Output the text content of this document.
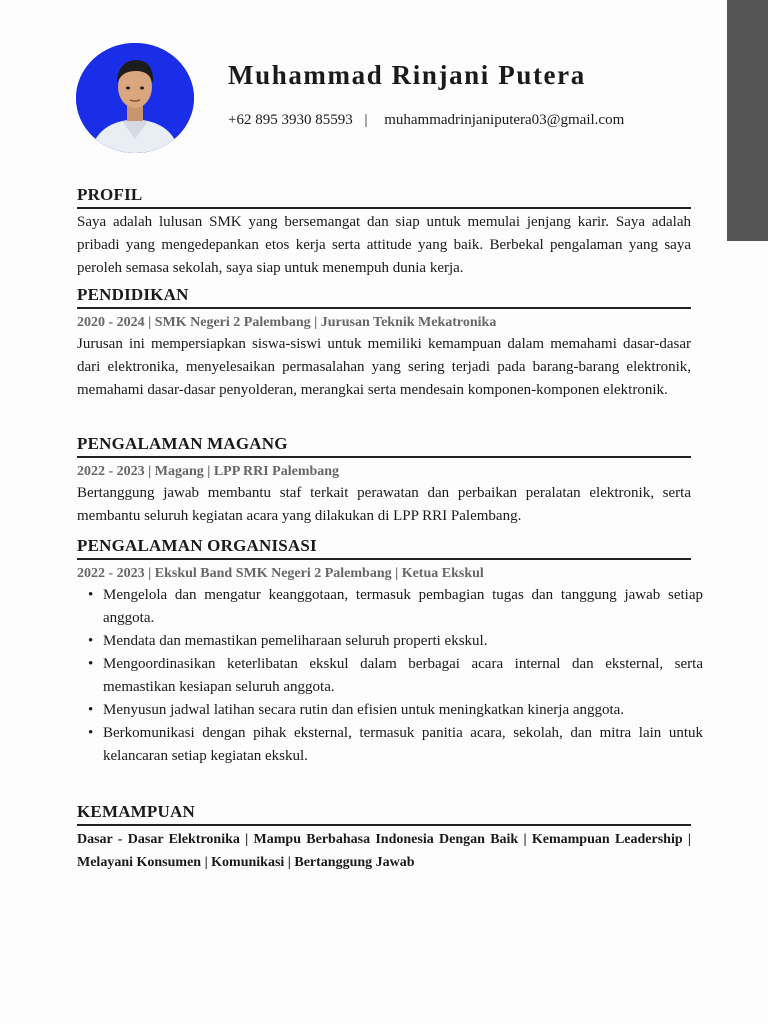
Muhammad Rinjani Putera
+62 895 3930 85593 | muhammadrinjaniputera03@gmail.com
PROFIL

Saya adalah lulusan SMK yang bersemangat dan siap untuk memulai jenjang karir. Saya adalah pribadi yang mengedepankan etos kerja serta attitude yang baik. Berbekal pengalaman yang saya peroleh semasa sekolah, saya siap untuk menempuh dunia kerja.

PENDIDIKAN
2020 - 2024 | SMK Negeri 2 Palembang | Jurusan Teknik Mekatronika

Jurusan ini mempersiapkan siswa-siswi untuk memiliki kemampuan dalam memahami dasar-dasar dari elektronika, menyelesaikan permasalahan yang sering terjadi pada barang-barang elektronik, memahami dasar-dasar penyolderan, merangkai serta mendesain komponen-komponen elektronik.

PENGALAMAN MAGANG
2022 - 2023 | Magang | LPP RRI Palembang

Bertanggung jawab membantu staf terkait perawatan dan perbaikan peralatan elektronik, serta membantu seluruh kegiatan acara yang dilakukan di LPP RRI Palembang.

PENGALAMAN ORGANISASI
2022 - 2023 | Ekskul Band SMK Negeri 2 Palembang | Ketua Ekskul
• Mengelola dan mengatur keanggotaan, termasuk pembagian tugas dan tanggung jawab setiap anggota.
• Mendata dan memastikan pemeliharaan seluruh properti ekskul.
• Mengoordinasikan keterlibatan ekskul dalam berbagai acara internal dan eksternal, serta memastikan kesiapan seluruh anggota.
• Menyusun jadwal latihan secara rutin dan efisien untuk meningkatkan kinerja anggota.
• Berkomunikasi dengan pihak eksternal, termasuk panitia acara, sekolah, dan mitra lain untuk kelancaran setiap kegiatan ekskul.
KEMAMPUAN

Dasar - Dasar Elektronika | Mampu Berbahasa Indonesia Dengan Baik | Kemampuan Leadership | Melayani Konsumen | Komunikasi | Bertanggung Jawab
